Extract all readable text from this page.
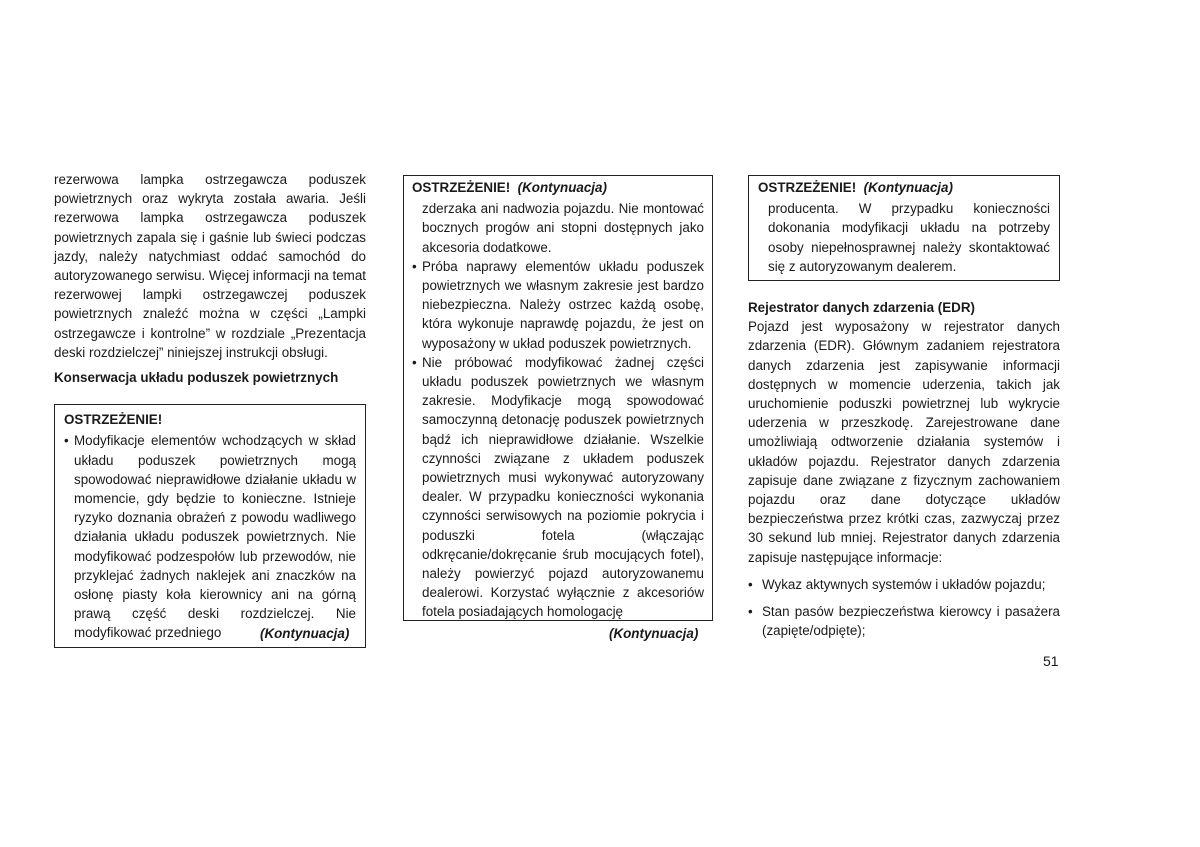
rezerwowa lampka ostrzegawcza poduszek powietrznych oraz wykryta została awaria. Jeśli rezerwowa lampka ostrzegawcza poduszek powietrznych zapala się i gaśnie lub świeci podczas jazdy, należy natychmiast oddać samochód do autoryzowanego serwisu. Więcej informacji na temat rezerwowej lampki ostrzegawczej poduszek powietrznych znaleźć można w części „Lampki ostrzegawcze i kontrolne” w rozdziale „Prezentacja deski rozdzielczej” niniejszej instrukcji obsługi.

Konserwacja układu poduszek powietrznych

OSTRZEŻENIE!

• Modyfikacje elementów wchodzących w skład układu poduszek powietrznych mogą spowodować nieprawidłowe działanie układu w momencie, gdy będzie to konieczne. Istnieje ryzyko doznania obrażeń z powodu wadliwego działania układu poduszek powietrznych. Nie modyfikować podzespołów lub przewodów, nie przyklejać żadnych naklejek ani znaczków na osłonę piasty koła kierownicy ani na górną prawą część deski rozdzielczej. Nie modyfikować przedniego	(Kontynuacja)

OSTRZEŻENIE! (Kontynuacja)

zderzaka ani nadwozia pojazdu. Nie montować bocznych progów ani stopni dostępnych jako akcesoria dodatkowe.
• Próba naprawy elementów układu poduszek powietrznych we własnym zakresie jest bardzo niebezpieczna. Należy ostrzec każdą osobę, która wykonuje naprawdę pojazdu, że jest on wyposażony w układ poduszek powietrznych.
• Nie próbować modyfikować żadnej części układu poduszek powietrznych we własnym zakresie. Modyfikacje mogą spowodować samoczynną detonację poduszek powietrznych bądź ich nieprawidłowe działanie. Wszelkie czynności związane z układem poduszek powietrznych musi wykonywać autoryzowany dealer. W przypadku konieczności wykonania czynności serwisowych na poziomie pokrycia i poduszki fotela (włączając odkręcanie/dokręcanie śrub mocujących fotel), należy powierzyć pojazd autoryzowanemu dealerowi. Korzystać wyłącznie z akcesoriów fotela posiadających homologację
(Kontynuacja)

OSTRZEŻENIE! (Kontynuacja)

producenta. W przypadku konieczności dokonania modyfikacji układu na potrzeby osoby niepełnosprawnej należy skontaktować się z autoryzowanym dealerem.

Rejestrator danych zdarzenia (EDR)

Pojazd jest wyposażony w rejestrator danych zdarzenia (EDR). Głównym zadaniem rejestratora danych zdarzenia jest zapisywanie informacji dostępnych w momencie uderzenia, takich jak uruchomienie poduszki powietrznej lub wykrycie uderzenia w przeszkodę. Zarejestrowane dane umożliwiają odtworzenie działania systemów i układów pojazdu. Rejestrator danych zdarzenia zapisuje dane związane z fizycznym zachowaniem pojazdu oraz dane dotyczące układów bezpieczeństwa przez krótki czas, zazwyczaj przez 30 sekund lub mniej. Rejestrator danych zdarzenia zapisuje następujące informacje:

• Wykaz aktywnych systemów i układów pojazdu;
• Stan pasów bezpieczeństwa kierowcy i pasażera (zapięte/odpięte);
51
